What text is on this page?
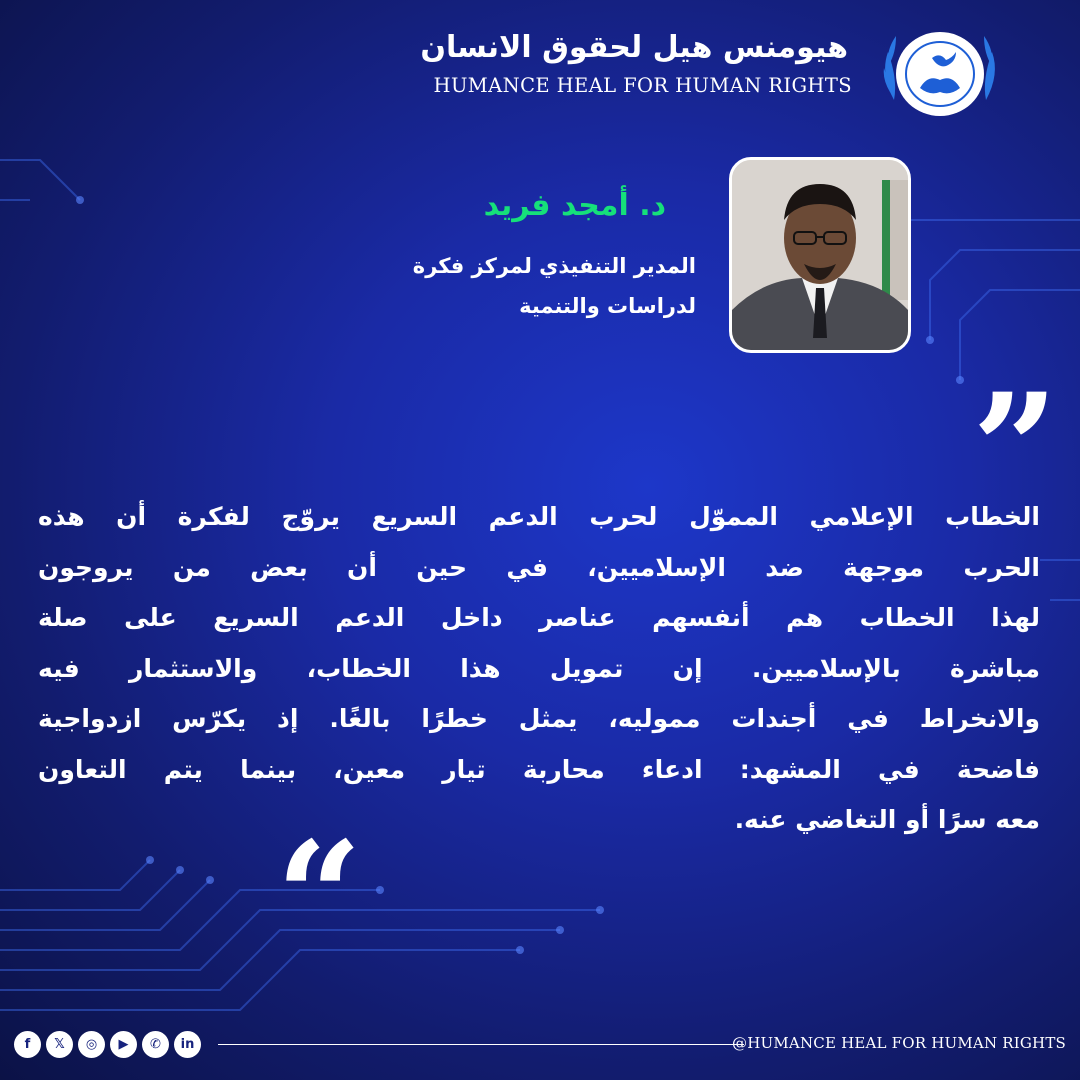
هيومنس هيل لحقوق الانسان
HUMANCE HEAL FOR HUMAN RIGHTS
د. أمجد فريد
المدير التنفيذي لمركز فكرة
لدراسات والتنمية
”
الخطاب الإعلامي المموّل لحرب الدعم السريع يروّج لفكرة أن هذه
الحرب موجهة ضد الإسلاميين، في حين أن بعض من يروجون
لهذا الخطاب هم أنفسهم عناصر داخل الدعم السريع على صلة
مباشرة بالإسلاميين. إن تمويل هذا الخطاب، والاستثمار فيه
والانخراط في أجندات مموليه، يمثل خطرًا بالغًا. إذ يكرّس ازدواجية
فاضحة في المشهد: ادعاء محاربة تيار معين، بينما يتم التعاون
معه سرًا أو التغاضي عنه.
“
f	𝕏	◎	▶	✆	in	@HUMANCE HEAL FOR HUMAN RIGHTS
